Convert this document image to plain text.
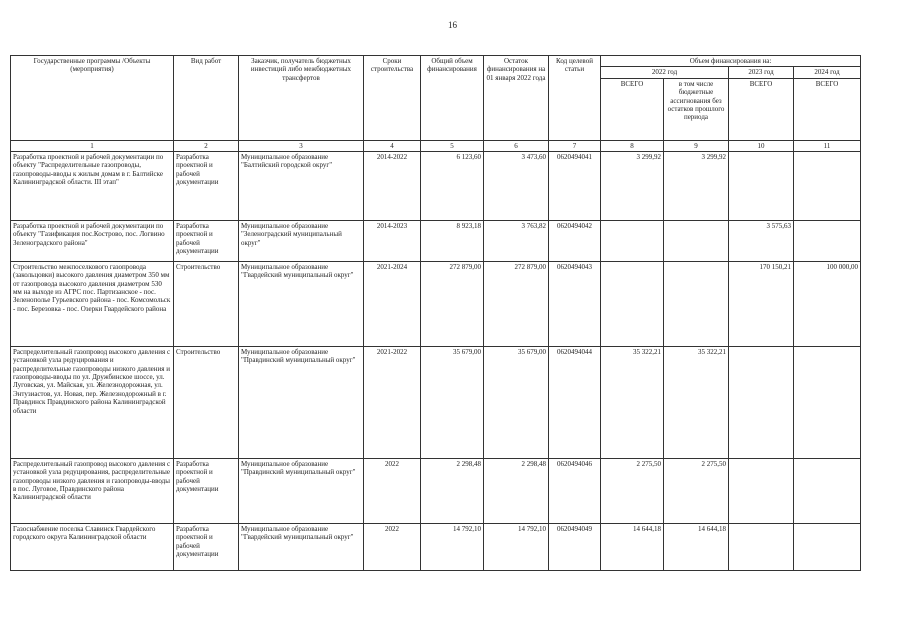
16
Государственные программы /Объекты (мероприятия)	Вид работ	Заказчик, получатель бюджетных инвестиций либо межбюджетных трансфертов	Сроки строительства	Общий объем финансирования	Остаток финансирования на 01 января 2022 года	Код целевой статьи	Объем финансирования на:			
							2022 год		2023 год	2024 год
							ВСЕГО	в том числе бюджетные ассигнования без остатков прошлого периода	ВСЕГО	ВСЕГО
1	2	3	4	5	6	7	8	9	10	11
Разработка проектной и рабочей документации по объекту "Распределительные газопроводы, газопроводы-вводы к жилым домам в г. Балтийске Калининградской области. III этап"	Разработка проектной и рабочей документации	Муниципальное образование "Балтийский городской округ"	2014-2022	6 123,60	3 473,60	0620494041	3 299,92	3 299,92		
Разработка проектной и рабочей документации по объекту "Газификация пос.Кострово, пос. Логвино Зеленоградского района"	Разработка проектной и рабочей документации	Муниципальное образование "Зеленоградский муниципальный округ"	2014-2023	8 923,18	3 763,82	0620494042			3 575,63	
Строительство межпоселкового газопровода (закольцовки) высокого давления диаметром 350 мм от газопровода высокого давления диаметром 530 мм на выходе из АГРС пос. Партизанское - пос. Зеленополье Гурьевского района - пос. Комсомольск - пос. Березовка - пос. Озерки Гвардейского района	Строительство	Муниципальное образование "Гвардейский муниципальный округ"	2021-2024	272 879,00	272 879,00	0620494043			170 150,21	100 000,00
Распределительный газопровод высокого давления с установкой узла редуцирования и распределительные газопроводы низкого давления и газопроводы-вводы по ул. Дружбинское шоссе, ул. Луговская, ул. Майская, ул. Железнодорожная, ул. Энтузиастов, ул. Новая, пер. Железнодорожный в г. Правдинск Правдинского района Калининградской области	Строительство	Муниципальное образование "Правдинский муниципальный округ"	2021-2022	35 679,00	35 679,00	0620494044	35 322,21	35 322,21		
Распределительный газопровод высокого давления с установкой узла редуцирования, распределительные газопроводы низкого давления и газопроводы-вводы в пос. Луговое, Правдинского района Калининградской области	Разработка проектной и рабочей документации	Муниципальное образование "Правдинский муниципальный округ"	2022	2 298,48	2 298,48	0620494046	2 275,50	2 275,50		
Газоснабжение поселка Славинск Гвардейского городского округа Калининградской области	Разработка проектной и рабочей документации	Муниципальное образование "Гвардейский муниципальный округ"	2022	14 792,10	14 792,10	0620494049	14 644,18	14 644,18		
